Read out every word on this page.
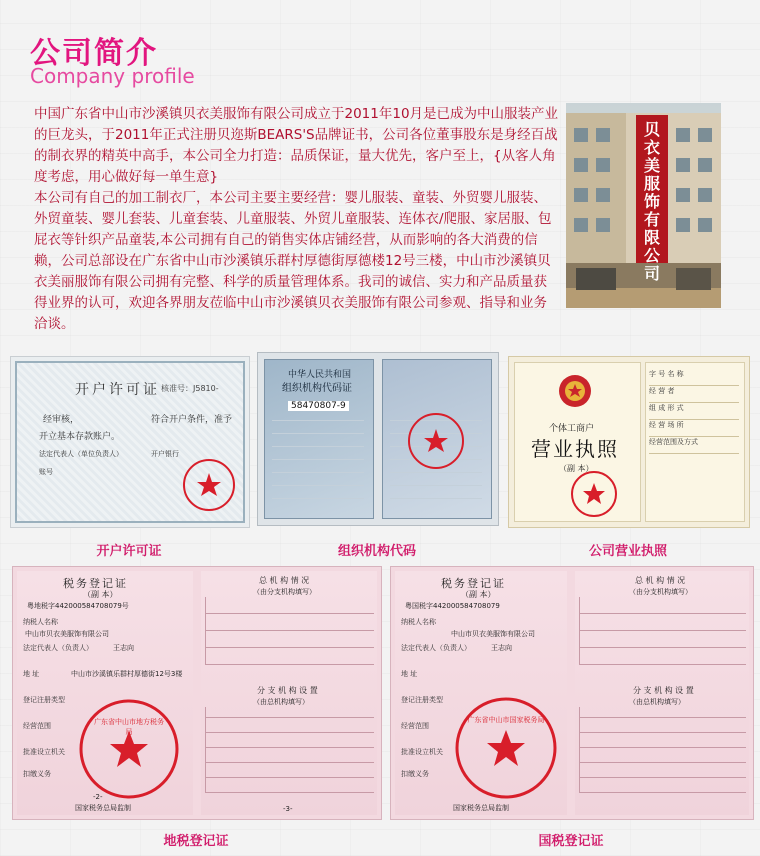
公司简介
Company profile

中国广东省中山市沙溪镇贝衣美服饰有限公司成立于2011年10月是已成为中山服装产业的巨龙头，于2011年正式注册贝迩斯BEARS'S品牌证书，公司各位董事股东是身经百战的制衣界的精英中高手，本公司全力打造：品质保证，量大优先，客户至上，{从客人角度考虑，用心做好每一单生意}

本公司有自己的加工制衣厂，本公司主要主要经营：婴儿服装、童装、外贸婴儿服装、外贸童装、婴儿套装、儿童套装、儿童服装、外贸儿童服装、连体衣/爬服、家居服、包屁衣等针织产品童装,本公司拥有自己的销售实体店铺经营，从而影响的各大消费的信赖，公司总部设在广东省中山市沙溪镇乐群村厚德街厚德楼12号三楼，中山市沙溪镇贝衣美丽服饰有限公司拥有完整、科学的质量管理体系。我司的诚信、实力和产品质量获得业界的认可，欢迎各界朋友莅临中山市沙溪镇贝衣美服饰有限公司参观、指导和业务洽谈。

贝衣美服饰有限公司
开户许可证 核准号：J5810-
经审核，	符合开户条件，准予
开立基本存款账户。
法定代表人（单位负责人）	开户银行
账号
开户许可证
中华人民共和国
组织机构代码证
58470807-9
组织机构代码
个体工商户
营业执照
（副 本）
字 号 名 称
经 营 者
组 成 形 式
经 营 场 所
经营范围及方式
公司营业执照
税务登记证
（副 本）
粤地税字442000584708079号
纳税人名称
法定代表人（负责人）
地 址
登记注册类型
经营范围
批准设立机关
扣缴义务
中山市贝衣美服饰有限公司
王志向
中山市沙溪镇乐群村厚德街12号3楼
广东省中山市地方税务局
国家税务总局监制
-2-
总 机 构 情 况
（由分支机构填写）
分 支 机 构 设 置
（由总机构填写）
-3-
地税登记证
税务登记证
（副 本）
粤国税字442000584708079
纳税人名称
法定代表人（负责人）
地 址
登记注册类型
经营范围
批准设立机关
扣缴义务
中山市贝衣美服饰有限公司
王志向
广东省中山市国家税务局
国家税务总局监制
总 机 构 情 况
（由分支机构填写）
分 支 机 构 设 置
（由总机构填写）
国税登记证
